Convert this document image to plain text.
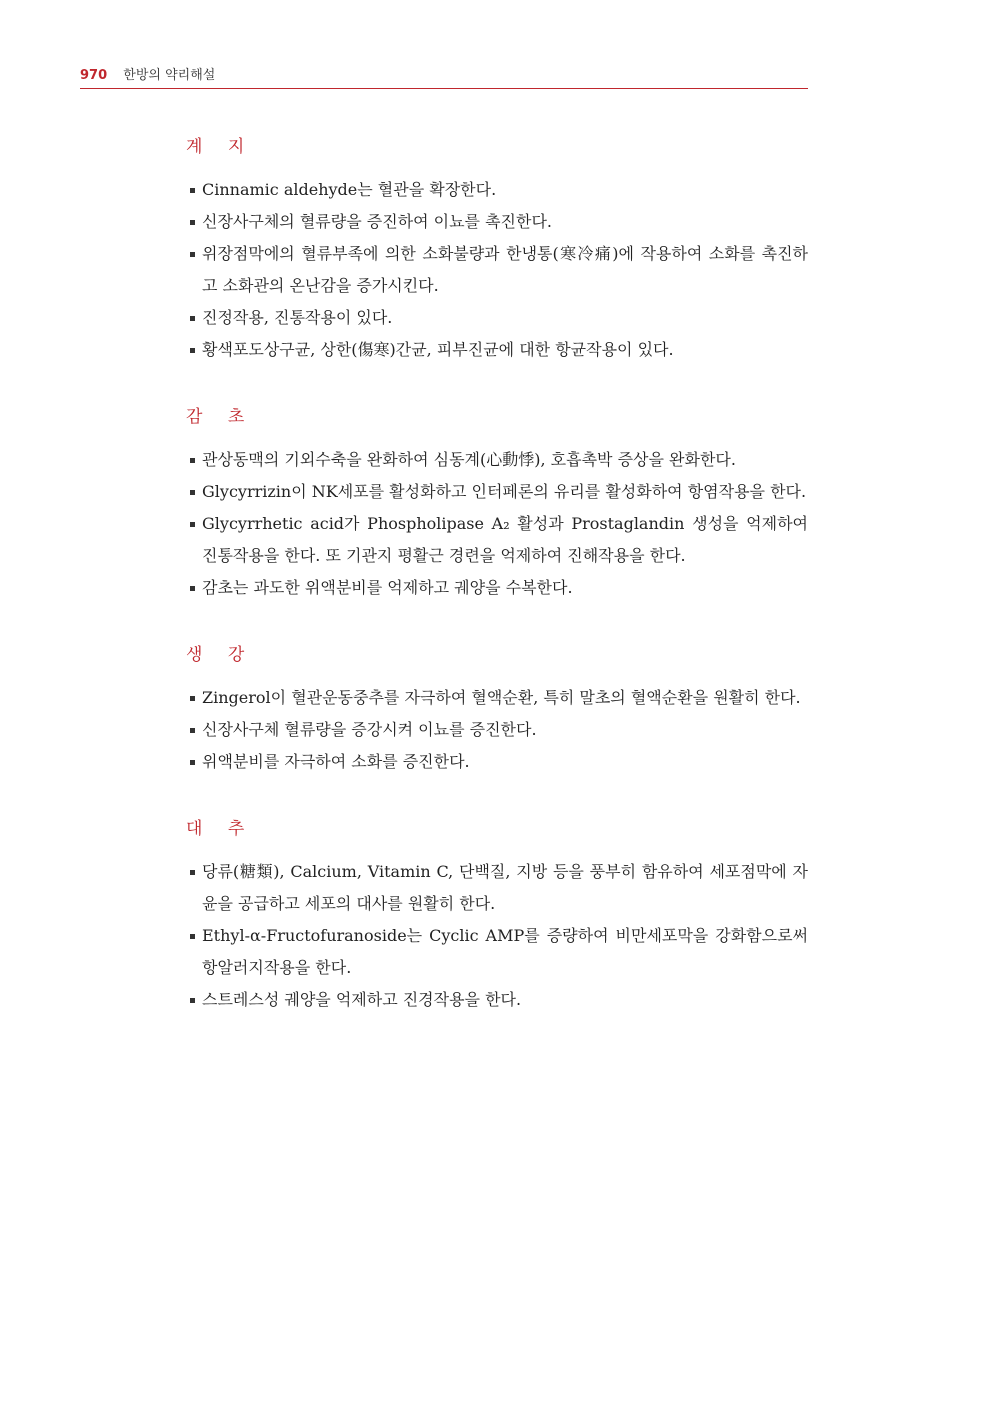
970 한방의 약리해설
계 지
Cinnamic aldehyde는 혈관을 확장한다.
신장사구체의 혈류량을 증진하여 이뇨를 촉진한다.
위장점막에의 혈류부족에 의한 소화불량과 한냉통(寒冷痛)에 작용하여 소화를 촉진하고 소화관의 온난감을 증가시킨다.
진정작용, 진통작용이 있다.
황색포도상구균, 상한(傷寒)간균, 피부진균에 대한 항균작용이 있다.
감 초
관상동맥의 기외수축을 완화하여 심동계(心動悸), 호흡촉박 증상을 완화한다.
Glycyrrizin이 NK세포를 활성화하고 인터페론의 유리를 활성화하여 항염작용을 한다.
Glycyrrhetic acid가 Phospholipase A₂ 활성과 Prostaglandin 생성을 억제하여 진통작용을 한다. 또 기관지 평활근 경련을 억제하여 진해작용을 한다.
감초는 과도한 위액분비를 억제하고 궤양을 수복한다.
생 강
Zingerol이 혈관운동중추를 자극하여 혈액순환, 특히 말초의 혈액순환을 원활히 한다.
신장사구체 혈류량을 증강시켜 이뇨를 증진한다.
위액분비를 자극하여 소화를 증진한다.
대 추
당류(糖類), Calcium, Vitamin C, 단백질, 지방 등을 풍부히 함유하여 세포점막에 자윤을 공급하고 세포의 대사를 원활히 한다.
Ethyl-α-Fructofuranoside는 Cyclic AMP를 증량하여 비만세포막을 강화함으로써 항알러지작용을 한다.
스트레스성 궤양을 억제하고 진경작용을 한다.
